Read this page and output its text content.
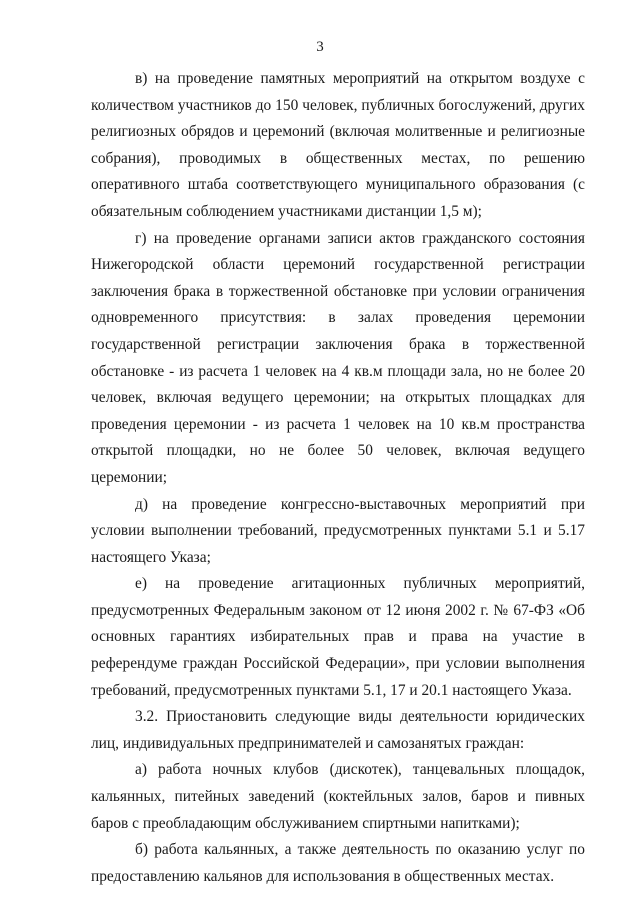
3

в) на проведение памятных мероприятий на открытом воздухе с количеством участников до 150 человек, публичных богослужений, других религиозных обрядов и церемоний (включая молитвенные и религиозные собрания), проводимых в общественных местах, по решению оперативного штаба соответствующего муниципального образования (с обязательным соблюдением участниками дистанции 1,5 м);

г) на проведение органами записи актов гражданского состояния Нижегородской области церемоний государственной регистрации заключения брака в торжественной обстановке при условии ограничения одновременного присутствия: в залах проведения церемонии государственной регистрации заключения брака в торжественной обстановке - из расчета 1 человек на 4 кв.м площади зала, но не более 20 человек, включая ведущего церемонии; на открытых площадках для проведения церемонии - из расчета 1 человек на 10 кв.м пространства открытой площадки, но не более 50 человек, включая ведущего церемонии;

д) на проведение конгрессно-выставочных мероприятий при условии выполнении требований, предусмотренных пунктами 5.1 и 5.17 настоящего Указа;

е) на проведение агитационных публичных мероприятий, предусмотренных Федеральным законом от 12 июня 2002 г. № 67-ФЗ «Об основных гарантиях избирательных прав и права на участие в референдуме граждан Российской Федерации», при условии выполнения требований, предусмотренных пунктами 5.1, 17 и 20.1 настоящего Указа.

3.2. Приостановить следующие виды деятельности юридических лиц, индивидуальных предпринимателей и самозанятых граждан:

а) работа ночных клубов (дискотек), танцевальных площадок, кальянных, питейных заведений (коктейльных залов, баров и пивных баров с преобладающим обслуживанием спиртными напитками);

б) работа кальянных, а также деятельность по оказанию услуг по предоставлению кальянов для использования в общественных местах.
